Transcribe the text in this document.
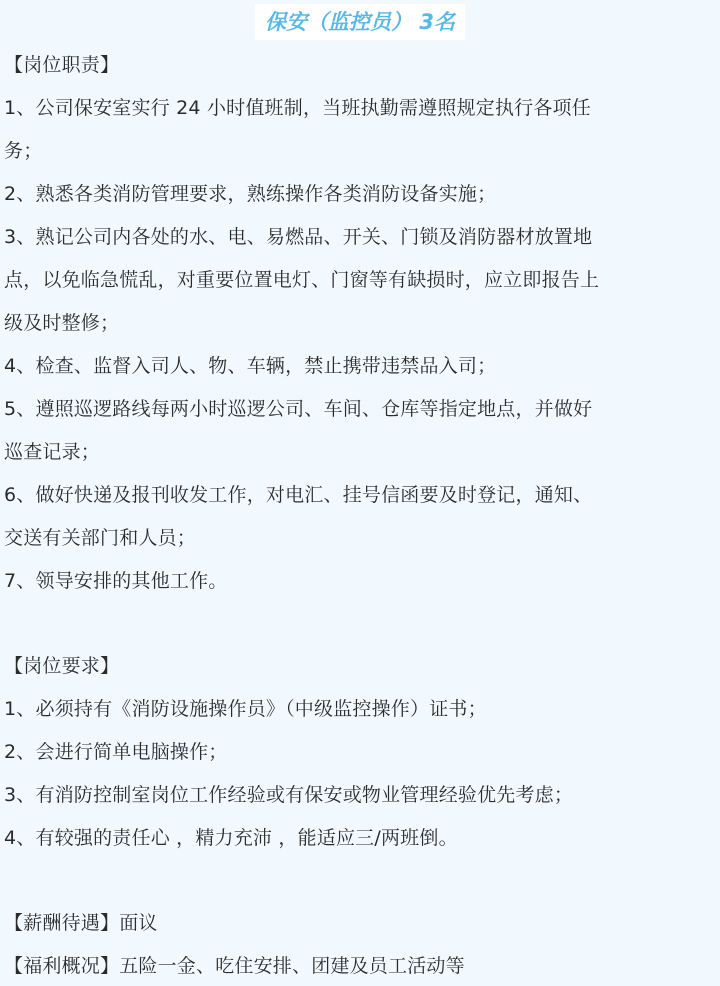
保安（监控员） 3名
【岗位职责】
1、公司保安室实行 24 小时值班制，当班执勤需遵照规定执行各项任
务；
2、熟悉各类消防管理要求，熟练操作各类消防设备实施；
3、熟记公司内各处的水、电、易燃品、开关、门锁及消防器材放置地
点，以免临急慌乱，对重要位置电灯、门窗等有缺损时，应立即报告上
级及时整修；
4、检查、监督入司人、物、车辆，禁止携带违禁品入司；
5、遵照巡逻路线每两小时巡逻公司、车间、仓库等指定地点，并做好
巡查记录；
6、做好快递及报刊收发工作，对电汇、挂号信函要及时登记，通知、
交送有关部门和人员；
7、领导安排的其他工作。
【岗位要求】
1、必须持有《消防设施操作员》（中级监控操作）证书；
2、会进行简单电脑操作；
3、有消防控制室岗位工作经验或有保安或物业管理经验优先考虑；
4、有较强的责任心 ，精力充沛 ，能适应三/两班倒。
【薪酬待遇】面议
【福利概况】五险一金、吃住安排、团建及员工活动等
